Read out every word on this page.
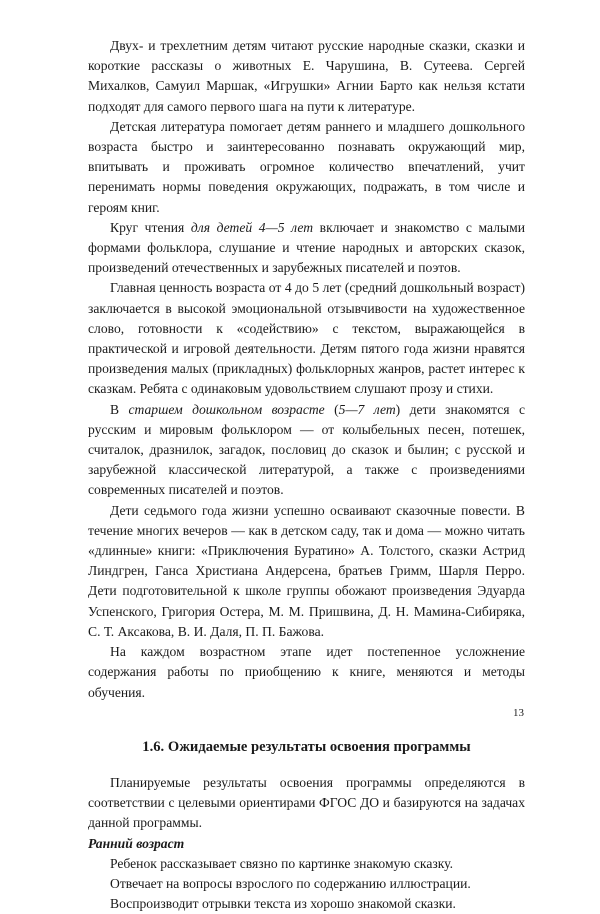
Двух- и трехлетним детям читают русские народные сказки, сказки и короткие рассказы о животных Е. Чарушина, В. Сутеева. Сергей Михалков, Самуил Маршак, «Игрушки» Агнии Барто как нельзя кстати подходят для самого первого шага на пути к литературе.

Детская литература помогает детям раннего и младшего дошкольного возраста быстро и заинтересованно познавать окружающий мир, впитывать и проживать огромное количество впечатлений, учит перенимать нормы поведения окружающих, подражать, в том числе и героям книг.

Круг чтения для детей 4—5 лет включает и знакомство с малыми формами фольклора, слушание и чтение народных и авторских сказок, произведений отечественных и зарубежных писателей и поэтов.

Главная ценность возраста от 4 до 5 лет (средний дошкольный возраст) заключается в высокой эмоциональной отзывчивости на художественное слово, готовности к «содействию» с текстом, выражающейся в практической и игровой деятельности. Детям пятого года жизни нравятся произведения малых (прикладных) фольклорных жанров, растет интерес к сказкам. Ребята с одинаковым удовольствием слушают прозу и стихи.

В старшем дошкольном возрасте (5—7 лет) дети знакомятся с русским и мировым фольклором — от колыбельных песен, потешек, считалок, дразнилок, загадок, пословиц до сказок и былин; с русской и зарубежной классической литературой, а также с произведениями современных писателей и поэтов.

Дети седьмого года жизни успешно осваивают сказочные повести. В течение многих вечеров — как в детском саду, так и дома — можно читать «длинные» книги: «Приключения Буратино» А. Толстого, сказки Астрид Линдгрен, Ганса Христиана Андерсена, братьев Гримм, Шарля Перро. Дети подготовительной к школе группы обожают произведения Эдуарда Успенского, Григория Остера, М. М. Пришвина, Д. Н. Мамина-Сибиряка, С. Т. Аксакова, В. И. Даля, П. П. Бажова.

На каждом возрастном этапе идет постепенное усложнение содержания работы по приобщению к книге, меняются и методы обучения.

1.6. Ожидаемые результаты освоения программы

Планируемые результаты освоения программы определяются в соответствии с целевыми ориентирами ФГОС ДО и базируются на задачах данной программы.

Ранний возраст

Ребенок рассказывает связно по картинке знакомую сказку.

Отвечает на вопросы взрослого по содержанию иллюстрации.

Воспроизводит отрывки текста из хорошо знакомой сказки.

13
